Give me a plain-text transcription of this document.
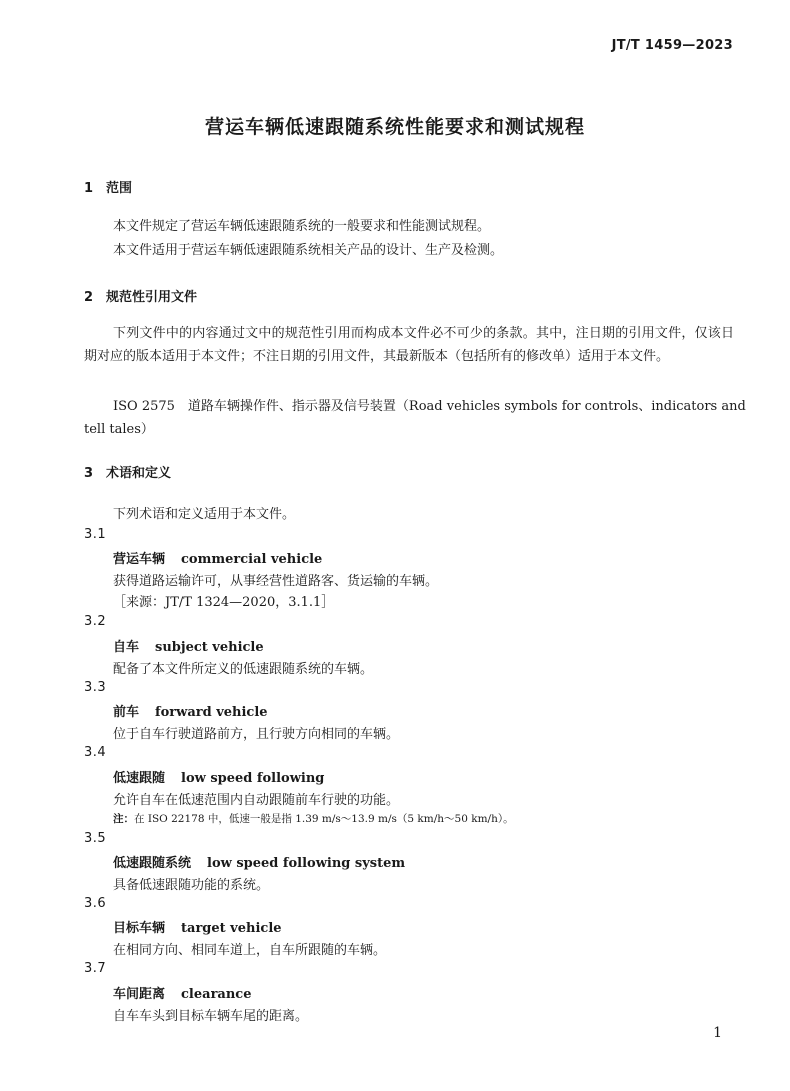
JT/T 1459—2023
营运车辆低速跟随系统性能要求和测试规程
1 范围
本文件规定了营运车辆低速跟随系统的一般要求和性能测试规程。
本文件适用于营运车辆低速跟随系统相关产品的设计、生产及检测。
2 规范性引用文件
下列文件中的内容通过文中的规范性引用而构成本文件必不可少的条款。其中，注日期的引用文件，仅该日期对应的版本适用于本文件；不注日期的引用文件，其最新版本（包括所有的修改单）适用于本文件。
ISO 2575　道路车辆操作件、指示器及信号装置（Road vehicles symbols for controls、indicators and
tell tales）
3 术语和定义
下列术语和定义适用于本文件。
3.1
营运车辆 commercial vehicle
获得道路运输许可，从事经营性道路客、货运输的车辆。
［来源：JT/T 1324—2020，3.1.1］
3.2
自车 subject vehicle
配备了本文件所定义的低速跟随系统的车辆。
3.3
前车 forward vehicle
位于自车行驶道路前方，且行驶方向相同的车辆。
3.4
低速跟随 low speed following
允许自车在低速范围内自动跟随前车行驶的功能。
注：在 ISO 22178 中，低速一般是指 1.39 m/s～13.9 m/s（5 km/h～50 km/h）。
3.5
低速跟随系统 low speed following system
具备低速跟随功能的系统。
3.6
目标车辆 target vehicle
在相同方向、相同车道上，自车所跟随的车辆。
3.7
车间距离 clearance
自车车头到目标车辆车尾的距离。
1
